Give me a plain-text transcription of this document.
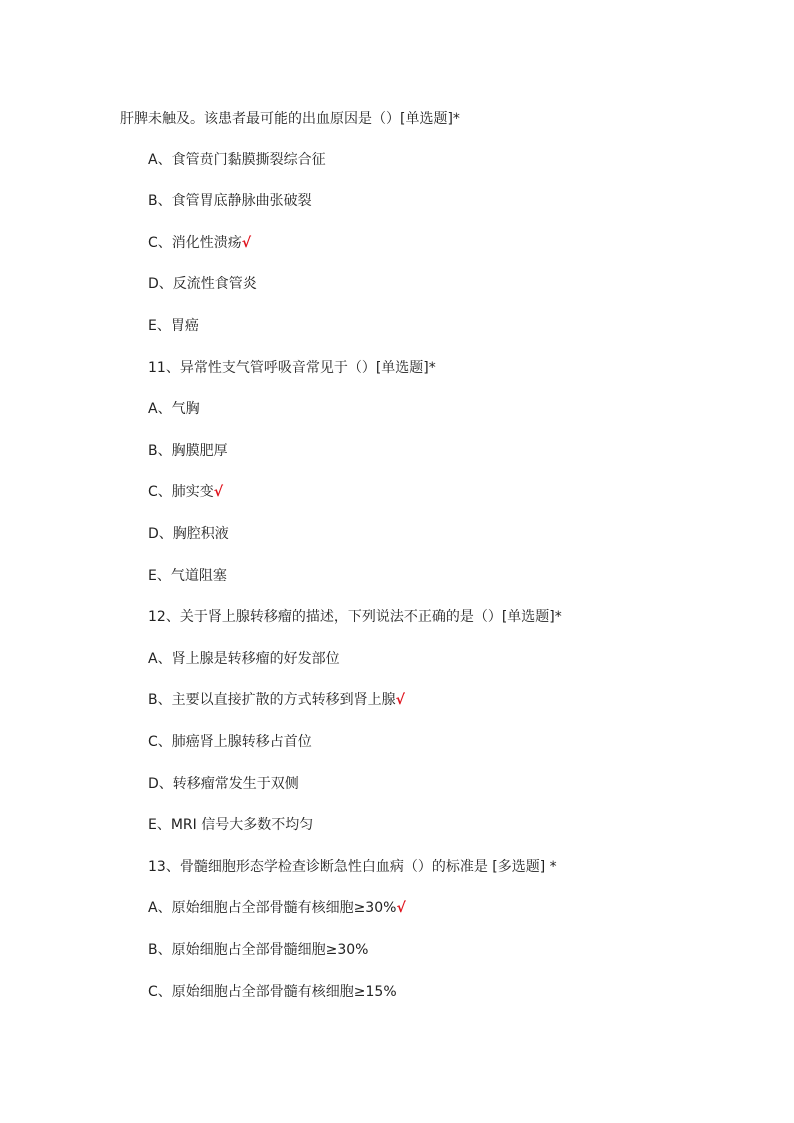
肝脾未触及。该患者最可能的出血原因是（）[单选题]*
A、食管贲门黏膜撕裂综合征
B、食管胃底静脉曲张破裂
C、消化性溃疡√
D、反流性食管炎
E、胃癌
11、异常性支气管呼吸音常见于（）[单选题]*
A、气胸
B、胸膜肥厚
C、肺实变√
D、胸腔积液
E、气道阻塞
12、关于肾上腺转移瘤的描述，下列说法不正确的是（）[单选题]*
A、肾上腺是转移瘤的好发部位
B、主要以直接扩散的方式转移到肾上腺√
C、肺癌肾上腺转移占首位
D、转移瘤常发生于双侧
E、MRI 信号大多数不均匀
13、骨髓细胞形态学检查诊断急性白血病（）的标准是 [多选题] *
A、原始细胞占全部骨髓有核细胞≥30%√
B、原始细胞占全部骨髓细胞≥30%
C、原始细胞占全部骨髓有核细胞≥15%
